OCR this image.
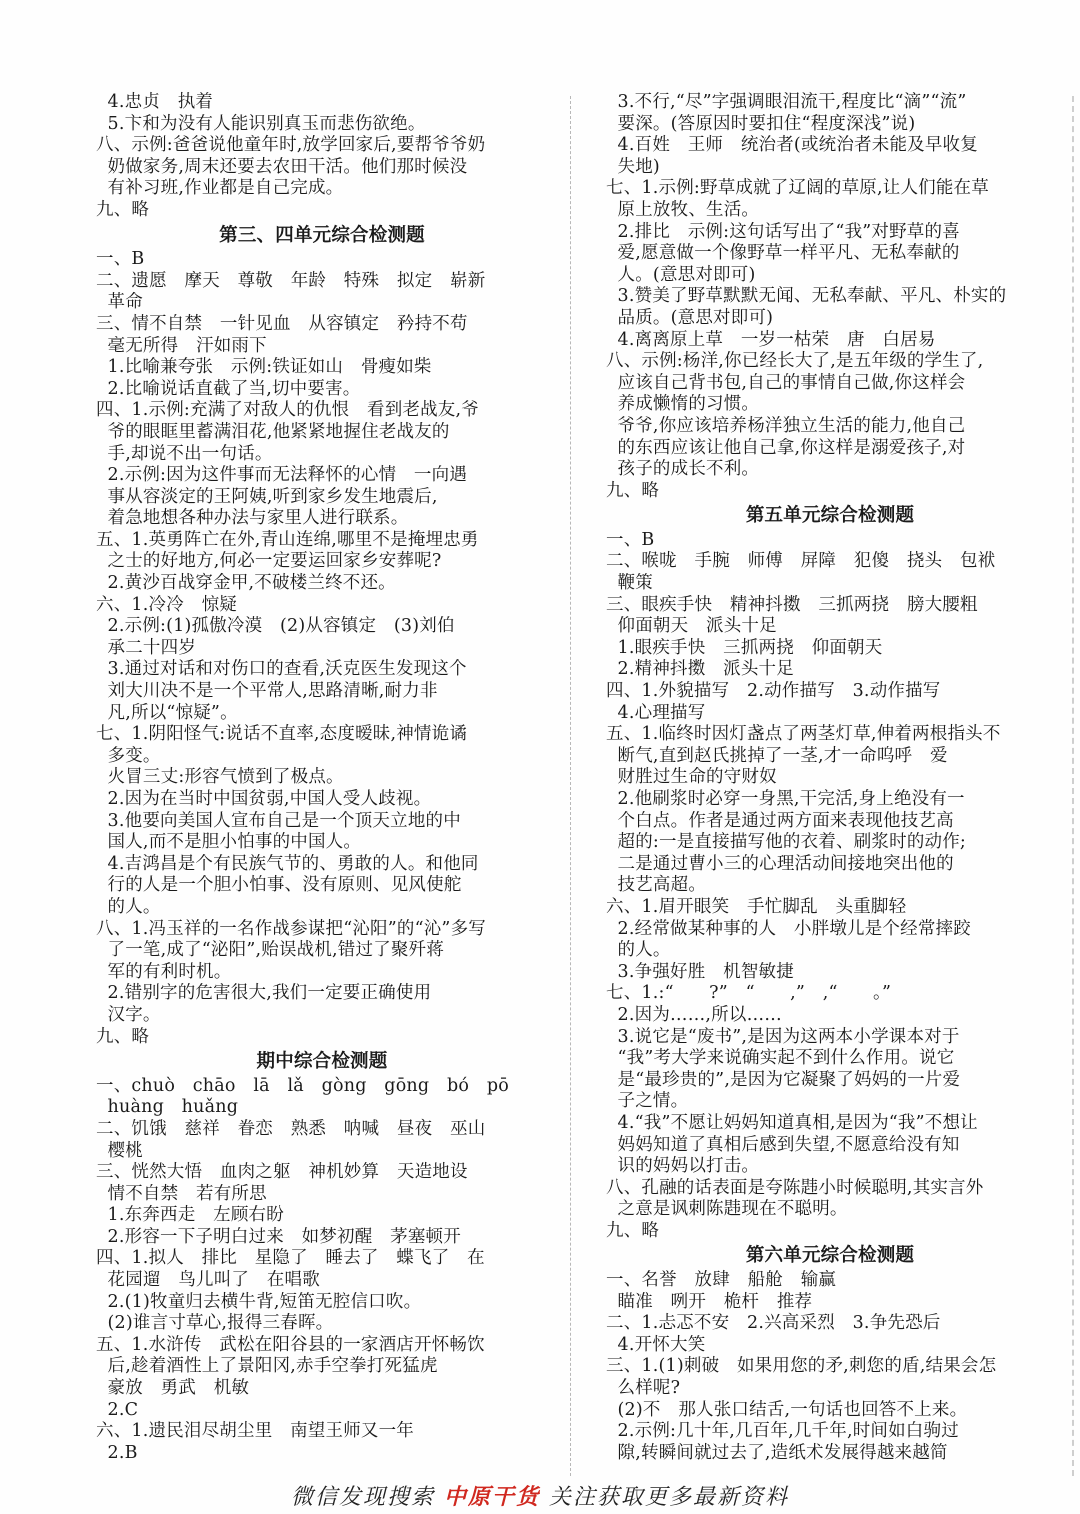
4.忠贞　执着
5.卞和为没有人能识别真玉而悲伤欲绝。
八、示例:爸爸说他童年时,放学回家后,要帮爷爷奶
奶做家务,周末还要去农田干活。他们那时候没
有补习班,作业都是自己完成。
九、略
第三、四单元综合检测题
一、B
二、遗愿　摩天　尊敬　年龄　特殊　拟定　崭新
革命
三、情不自禁　一针见血　从容镇定　矜持不苟
毫无所得　汗如雨下
1.比喻兼夸张　示例:铁证如山　骨瘦如柴
2.比喻说话直截了当,切中要害。
四、1.示例:充满了对敌人的仇恨　看到老战友,爷
爷的眼眶里蓄满泪花,他紧紧地握住老战友的
手,却说不出一句话。
2.示例:因为这件事而无法释怀的心情　一向遇
事从容淡定的王阿姨,听到家乡发生地震后,
着急地想各种办法与家里人进行联系。
五、1.英勇阵亡在外,青山连绵,哪里不是掩埋忠勇
之士的好地方,何必一定要运回家乡安葬呢?
2.黄沙百战穿金甲,不破楼兰终不还。
六、1.冷冷　惊疑
2.示例:(1)孤傲冷漠　(2)从容镇定　(3)刘伯
承二十四岁
3.通过对话和对伤口的查看,沃克医生发现这个
刘大川决不是一个平常人,思路清晰,耐力非
凡,所以“惊疑”。
七、1.阴阳怪气:说话不直率,态度暧昧,神情诡谲
多变。
火冒三丈:形容气愤到了极点。
2.因为在当时中国贫弱,中国人受人歧视。
3.他要向美国人宣布自己是一个顶天立地的中
国人,而不是胆小怕事的中国人。
4.吉鸿昌是个有民族气节的、勇敢的人。和他同
行的人是一个胆小怕事、没有原则、见风使舵
的人。
八、1.冯玉祥的一名作战参谋把“沁阳”的“沁”多写
了一笔,成了“泌阳”,贻误战机,错过了聚歼蒋
军的有利时机。
2.错别字的危害很大,我们一定要正确使用
汉字。
九、略
期中综合检测题
一、chuò　chāo　lā　lǎ　gòng　gōng　bó　pō
huàng　huǎng
二、饥饿　慈祥　眷恋　熟悉　呐喊　昼夜　巫山
樱桃
三、恍然大悟　血肉之躯　神机妙算　天造地设
情不自禁　若有所思
1.东奔西走　左顾右盼
2.形容一下子明白过来　如梦初醒　茅塞顿开
四、1.拟人　排比　星隐了　睡去了　蝶飞了　在
花园遛　鸟儿叫了　在唱歌
2.(1)牧童归去横牛背,短笛无腔信口吹。
(2)谁言寸草心,报得三春晖。
五、1.水浒传　武松在阳谷县的一家酒店开怀畅饮
后,趁着酒性上了景阳冈,赤手空拳打死猛虎
豪放　勇武　机敏
2.C
六、1.遗民泪尽胡尘里　南望王师又一年
2.B
3.不行,“尽”字强调眼泪流干,程度比“滴”“流”
要深。(答原因时要扣住“程度深浅”说)
4.百姓　王师　统治者(或统治者未能及早收复
失地)
七、1.示例:野草成就了辽阔的草原,让人们能在草
原上放牧、生活。
2.排比　示例:这句话写出了“我”对野草的喜
爱,愿意做一个像野草一样平凡、无私奉献的
人。(意思对即可)
3.赞美了野草默默无闻、无私奉献、平凡、朴实的
品质。(意思对即可)
4.离离原上草　一岁一枯荣　唐　白居易
八、示例:杨洋,你已经长大了,是五年级的学生了,
应该自己背书包,自己的事情自己做,你这样会
养成懒惰的习惯。
爷爷,你应该培养杨洋独立生活的能力,他自己
的东西应该让他自己拿,你这样是溺爱孩子,对
孩子的成长不利。
九、略
第五单元综合检测题
一、B
二、喉咙　手腕　师傅　屏障　犯傻　挠头　包袱
鞭策
三、眼疾手快　精神抖擞　三抓两挠　膀大腰粗
仰面朝天　派头十足
1.眼疾手快　三抓两挠　仰面朝天
2.精神抖擞　派头十足
四、1.外貌描写　2.动作描写　3.动作描写
4.心理描写
五、1.临终时因灯盏点了两茎灯草,伸着两根指头不
断气,直到赵氏挑掉了一茎,才一命呜呼　爱
财胜过生命的守财奴
2.他刷浆时必穿一身黑,干完活,身上绝没有一
个白点。作者是通过两方面来表现他技艺高
超的:一是直接描写他的衣着、刷浆时的动作;
二是通过曹小三的心理活动间接地突出他的
技艺高超。
六、1.眉开眼笑　手忙脚乱　头重脚轻
2.经常做某种事的人　小胖墩儿是个经常摔跤
的人。
3.争强好胜　机智敏捷
七、1.:“　　?”　“　　,”　,“　　。”
2.因为……,所以……
3.说它是“废书”,是因为这两本小学课本对于
“我”考大学来说确实起不到什么作用。说它
是“最珍贵的”,是因为它凝聚了妈妈的一片爱
子之情。
4.“我”不愿让妈妈知道真相,是因为“我”不想让
妈妈知道了真相后感到失望,不愿意给没有知
识的妈妈以打击。
八、孔融的话表面是夸陈韪小时候聪明,其实言外
之意是讽刺陈韪现在不聪明。
九、略
第六单元综合检测题
一、名誉　放肆　船舱　输赢
瞄准　咧开　桅杆　推荐
二、1.忐忑不安　2.兴高采烈　3.争先恐后
4.开怀大笑
三、1.(1)刺破　如果用您的矛,刺您的盾,结果会怎
么样呢?
(2)不　那人张口结舌,一句话也回答不上来。
2.示例:几十年,几百年,几千年,时间如白驹过
隙,转瞬间就过去了,造纸术发展得越来越简
微信发现搜索 中原干货 关注获取更多最新资料
